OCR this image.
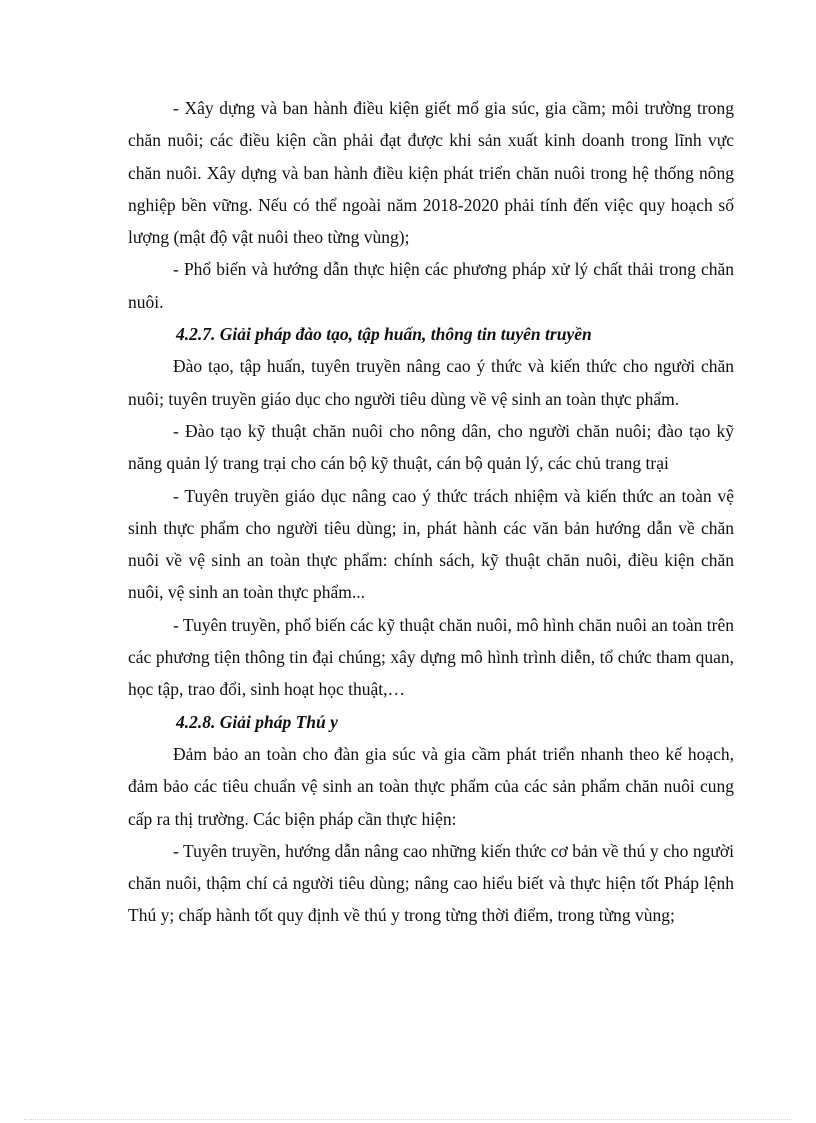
- Xây dựng và ban hành điều kiện giết mổ gia súc, gia cầm; môi trường trong chăn nuôi; các điều kiện cần phải đạt được khi sản xuất kinh doanh trong lĩnh vực chăn nuôi. Xây dựng và ban hành điều kiện phát triển chăn nuôi trong hệ thống nông nghiệp bền vững. Nếu có thể ngoài năm 2018-2020 phải tính đến việc quy hoạch số lượng (mật độ vật nuôi theo từng vùng);

- Phổ biến và hướng dẫn thực hiện các phương pháp xử lý chất thải trong chăn nuôi.

4.2.7. Giải pháp đào tạo, tập huấn, thông tin tuyên truyền

Đào tạo, tập huấn, tuyên truyền nâng cao ý thức và kiến thức cho người chăn nuôi; tuyên truyền giáo dục cho người tiêu dùng về vệ sinh an toàn thực phẩm.

- Đào tạo kỹ thuật chăn nuôi cho nông dân, cho người chăn nuôi; đào tạo kỹ năng quản lý trang trại cho cán bộ kỹ thuật, cán bộ quản lý, các chủ trang trại

- Tuyên truyền giáo dục nâng cao ý thức trách nhiệm và kiến thức an toàn vệ sinh thực phẩm cho người tiêu dùng; in, phát hành các văn bản hướng dẫn về chăn nuôi về vệ sinh an toàn thực phẩm: chính sách, kỹ thuật chăn nuôi, điều kiện chăn nuôi, vệ sinh an toàn thực phẩm...

- Tuyên truyền, phổ biến các kỹ thuật chăn nuôi, mô hình chăn nuôi an toàn trên các phương tiện thông tin đại chúng; xây dựng mô hình trình diễn, tổ chức tham quan, học tập, trao đổi, sinh hoạt học thuật,…

4.2.8. Giải pháp Thú y

Đảm bảo an toàn cho đàn gia súc và gia cầm phát triển nhanh theo kế hoạch, đảm bảo các tiêu chuẩn vệ sinh an toàn thực phẩm của các sản phẩm chăn nuôi cung cấp ra thị trường. Các biện pháp cần thực hiện:

- Tuyên truyền, hướng dẫn nâng cao những kiến thức cơ bản về thú y cho người chăn nuôi, thậm chí cả người tiêu dùng; nâng cao hiểu biết và thực hiện tốt Pháp lệnh Thú y; chấp hành tốt quy định về thú y trong từng thời điểm, trong từng vùng;
